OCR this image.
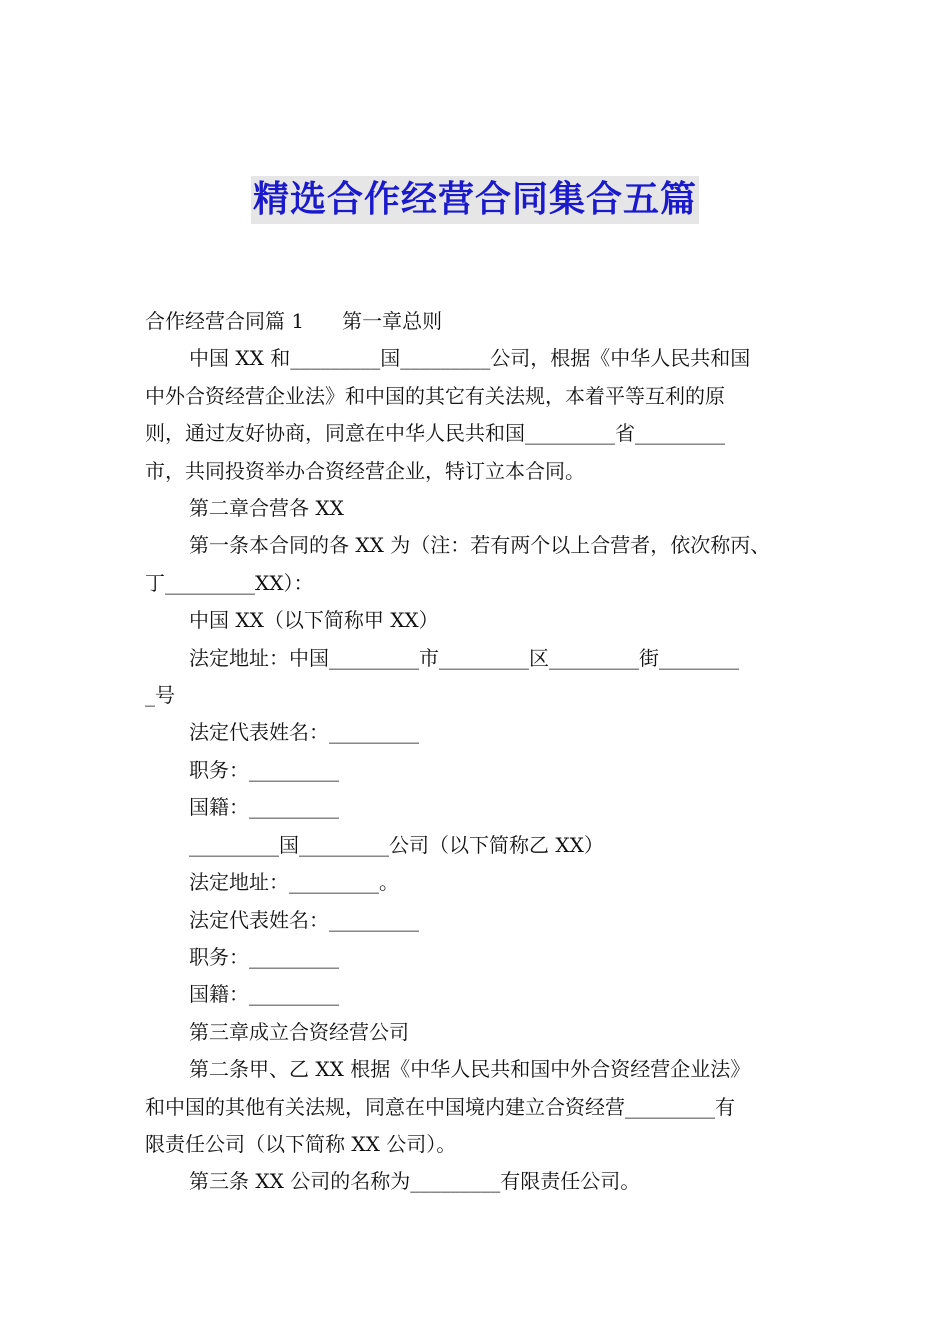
精选合作经营合同集合五篇

合作经营合同篇 1 第一章总则

中国 XX 和_________国_________公司，根据《中华人民共和国

中外合资经营企业法》和中国的其它有关法规，本着平等互利的原

则，通过友好协商，同意在中华人民共和国_________省_________

市，共同投资举办合资经营企业，特订立本合同。

第二章合营各 XX

第一条本合同的各 XX 为（注：若有两个以上合营者，依次称丙、

丁_________XX）：

中国 XX（以下简称甲 XX）

法定地址：中国_________市_________区_________街________

_号

法定代表姓名：_________

职务：_________

国籍：_________

_________国_________公司（以下简称乙 XX）

法定地址：_________。

法定代表姓名：_________

职务：_________

国籍：_________

第三章成立合资经营公司

第二条甲、乙 XX 根据《中华人民共和国中外合资经营企业法》

和中国的其他有关法规，同意在中国境内建立合资经营_________有

限责任公司（以下简称 XX 公司）。

第三条 XX 公司的名称为_________有限责任公司。
